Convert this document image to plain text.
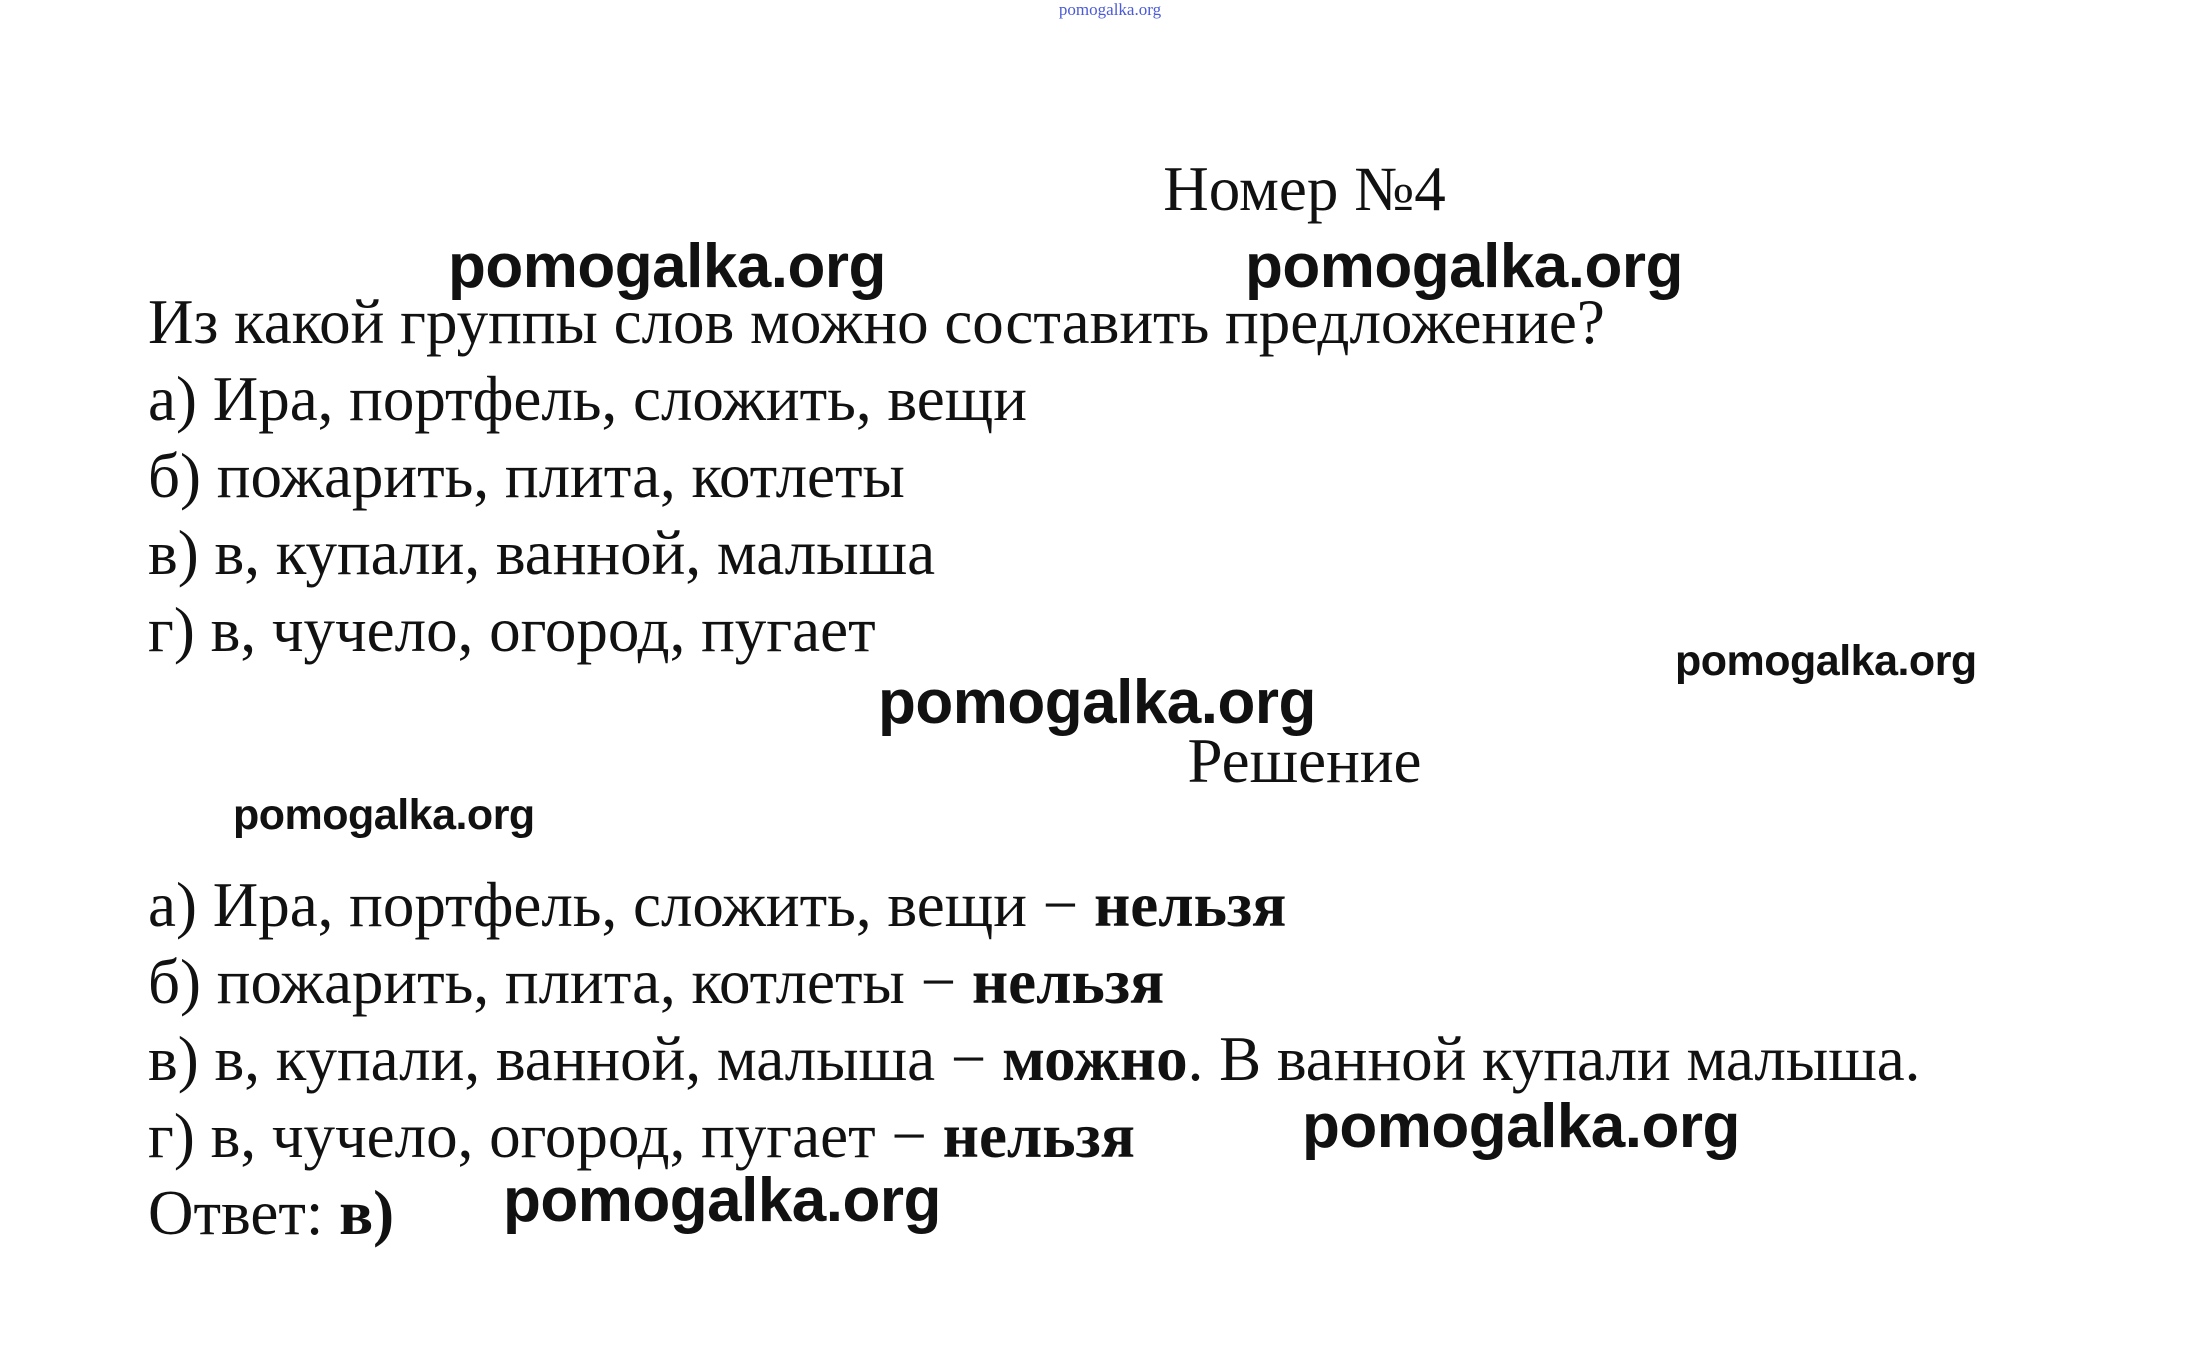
pomogalka.org
Номер №4
Из какой группы слов можно составить предложение?
а) Ира, портфель, сложить, вещи
б) пожарить, плита, котлеты
в) в, купали, ванной, малыша
г) в, чучело, огород, пугает
Решение
а) Ира, портфель, сложить, вещи − нельзя
б) пожарить, плита, котлеты − нельзя
в) в, купали, ванной, малыша − можно. В ванной купали малыша.
г) в, чучело, огород, пугает − нельзя
Ответ: в)
pomogalka.org	pomogalka.org
pomogalka.org
pomogalka.org
pomogalka.org
pomogalka.org
pomogalka.org
